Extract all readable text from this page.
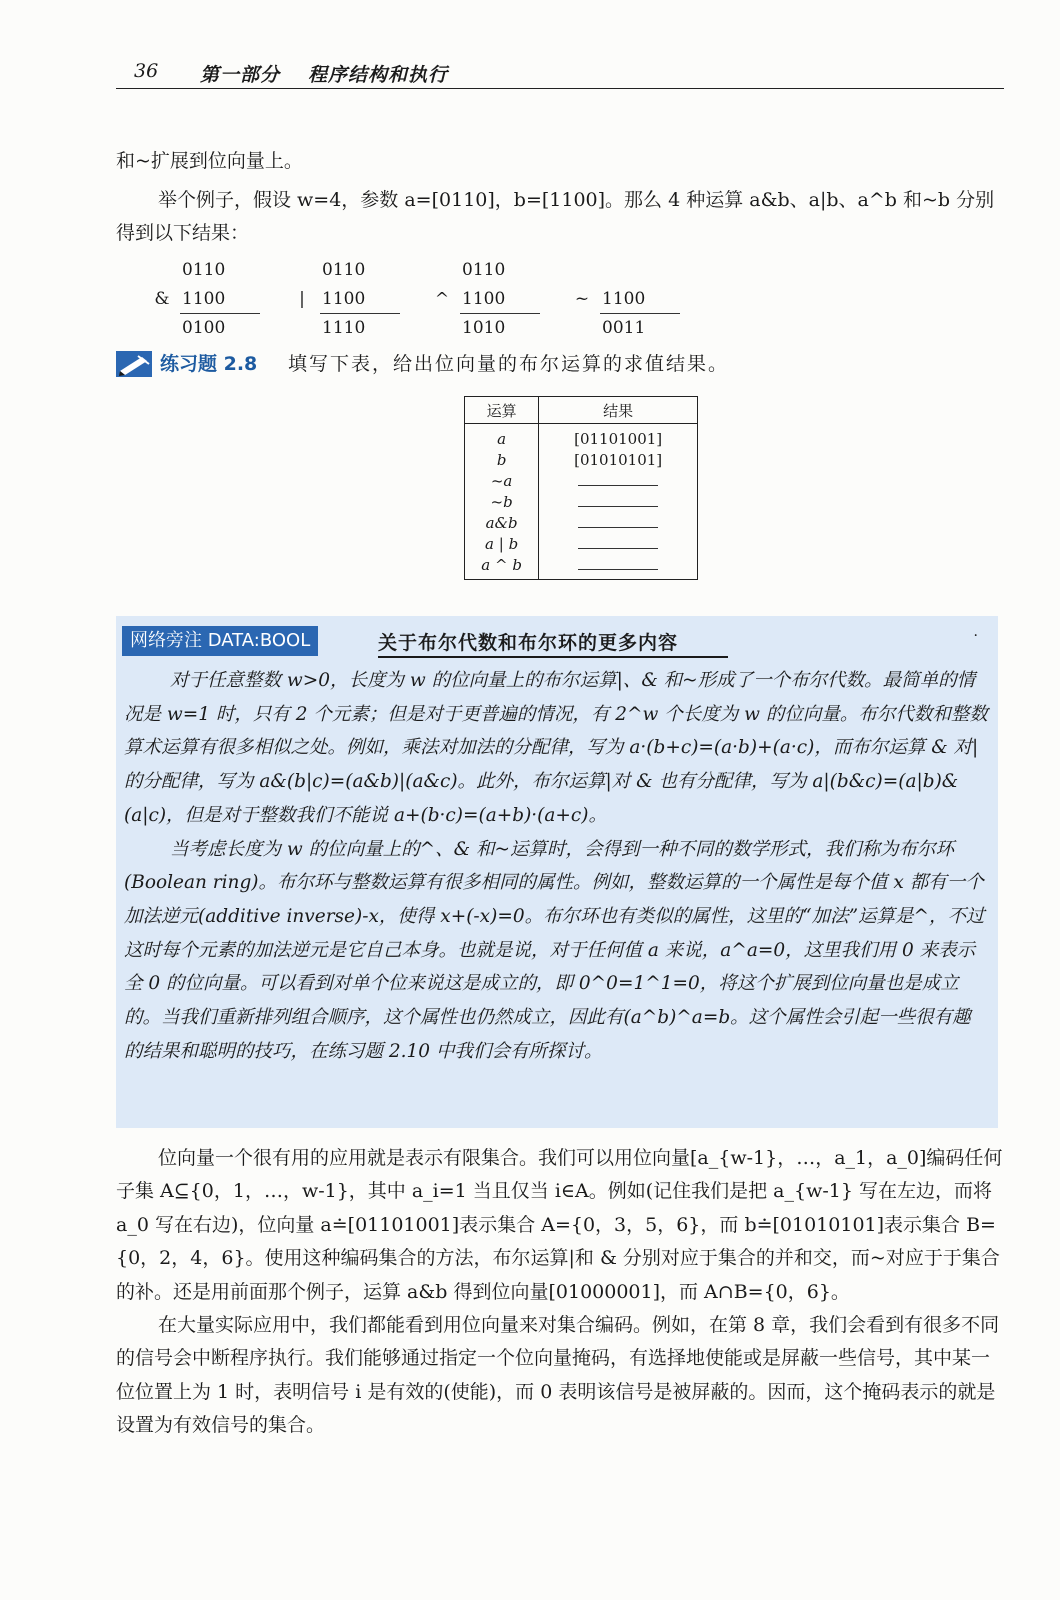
36 第一部分 程序结构和执行
和~扩展到位向量上。
举个例子，假设 w=4，参数 a=[0110]，b=[1100]。那么 4 种运算 a&b、a|b、a^b 和~b 分别得到以下结果：
0110
& 1100
0100
0110
|	1100
1110
0110
^ 1100
1010
~ 1100
0011
练习题 2.8 填写下表，给出位向量的布尔运算的求值结果。
运算	结果
a	[01101001]
b	[01010101]
~a	
~b	
a&b	
a | b	
a ^ b	
网络旁注 DATA:BOOL	关于布尔代数和布尔环的更多内容	·

对于任意整数 w>0，长度为 w 的位向量上的布尔运算|、& 和~形成了一个布尔代数。最简单的情况是 w=1 时，只有 2 个元素；但是对于更普遍的情况，有 2^w 个长度为 w 的位向量。布尔代数和整数算术运算有很多相似之处。例如，乘法对加法的分配律，写为 a·(b+c)=(a·b)+(a·c)，而布尔运算 & 对|的分配律，写为 a&(b|c)=(a&b)|(a&c)。此外，布尔运算|对 & 也有分配律，写为 a|(b&c)=(a|b)&(a|c)，但是对于整数我们不能说 a+(b·c)=(a+b)·(a+c)。

当考虑长度为 w 的位向量上的^、& 和~运算时，会得到一种不同的数学形式，我们称为布尔环(Boolean ring)。布尔环与整数运算有很多相同的属性。例如，整数运算的一个属性是每个值 x 都有一个加法逆元(additive inverse)-x，使得 x+(-x)=0。布尔环也有类似的属性，这里的“加法”运算是^，不过这时每个元素的加法逆元是它自己本身。也就是说，对于任何值 a 来说，a^a=0，这里我们用 0 来表示全 0 的位向量。可以看到对单个位来说这是成立的，即 0^0=1^1=0，将这个扩展到位向量也是成立的。当我们重新排列组合顺序，这个属性也仍然成立，因此有(a^b)^a=b。这个属性会引起一些很有趣的结果和聪明的技巧，在练习题 2.10 中我们会有所探讨。

位向量一个很有用的应用就是表示有限集合。我们可以用位向量[a_{w-1}，…，a_1，a_0]编码任何子集 A⊆{0，1，…，w-1}，其中 a_i=1 当且仅当 i∈A。例如(记住我们是把 a_{w-1} 写在左边，而将 a_0 写在右边)，位向量 a≐[01101001]表示集合 A={0，3，5，6}，而 b≐[01010101]表示集合 B={0，2，4，6}。使用这种编码集合的方法，布尔运算|和 & 分别对应于集合的并和交，而~对应于于集合的补。还是用前面那个例子，运算 a&b 得到位向量[01000001]，而 A∩B={0，6}。

在大量实际应用中，我们都能看到用位向量来对集合编码。例如，在第 8 章，我们会看到有很多不同的信号会中断程序执行。我们能够通过指定一个位向量掩码，有选择地使能或是屏蔽一些信号，其中某一位位置上为 1 时，表明信号 i 是有效的(使能)，而 0 表明该信号是被屏蔽的。因而，这个掩码表示的就是设置为有效信号的集合。
